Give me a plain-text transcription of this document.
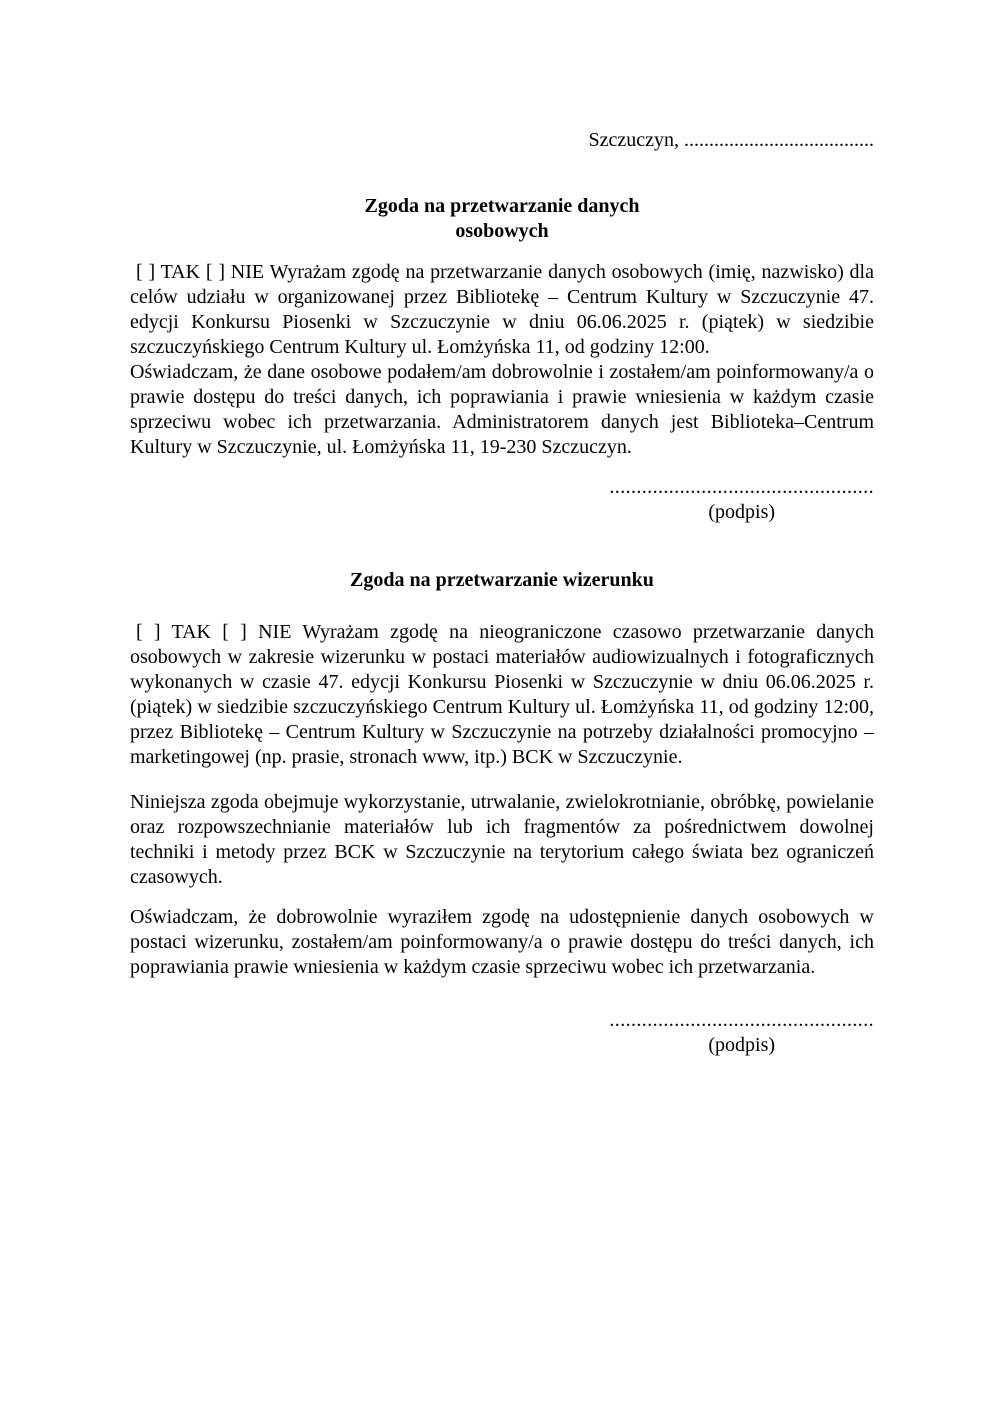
Szczuczyn, ......................................
Zgoda na przetwarzanie danych
osobowych

[ ] TAK [ ] NIE Wyrażam zgodę na przetwarzanie danych osobowych (imię, nazwisko) dla celów udziału w organizowanej przez Bibliotekę – Centrum Kultury w Szczuczynie 47. edycji Konkursu Piosenki w Szczuczynie w dniu 06.06.2025 r. (piątek) w siedzibie szczuczyńskiego Centrum Kultury ul. Łomżyńska 11, od godziny 12:00.

Oświadczam, że dane osobowe podałem/am dobrowolnie i zostałem/am poinformowany/a o prawie dostępu do treści danych, ich poprawiania i prawie wniesienia w każdym czasie sprzeciwu wobec ich przetwarzania. Administratorem danych jest Biblioteka–Centrum Kultury w Szczuczynie, ul. Łomżyńska 11, 19-230 Szczuczyn.

.................................................
(podpis)
Zgoda na przetwarzanie wizerunku

[ ] TAK [ ] NIE Wyrażam zgodę na nieograniczone czasowo przetwarzanie danych osobowych w zakresie wizerunku w postaci materiałów audiowizualnych i fotograficznych wykonanych w czasie 47. edycji Konkursu Piosenki w Szczuczynie w dniu 06.06.2025 r. (piątek) w siedzibie szczuczyńskiego Centrum Kultury ul. Łomżyńska 11, od godziny 12:00, przez Bibliotekę – Centrum Kultury w Szczuczynie na potrzeby działalności promocyjno – marketingowej (np. prasie, stronach www, itp.) BCK w Szczuczynie.

Niniejsza zgoda obejmuje wykorzystanie, utrwalanie, zwielokrotnianie, obróbkę, powielanie oraz rozpowszechnianie materiałów lub ich fragmentów za pośrednictwem dowolnej techniki i metody przez BCK w Szczuczynie na terytorium całego świata bez ograniczeń czasowych.

Oświadczam, że dobrowolnie wyraziłem zgodę na udostępnienie danych osobowych w postaci wizerunku, zostałem/am poinformowany/a o prawie dostępu do treści danych, ich poprawiania prawie wniesienia w każdym czasie sprzeciwu wobec ich przetwarzania.

.................................................
(podpis)
